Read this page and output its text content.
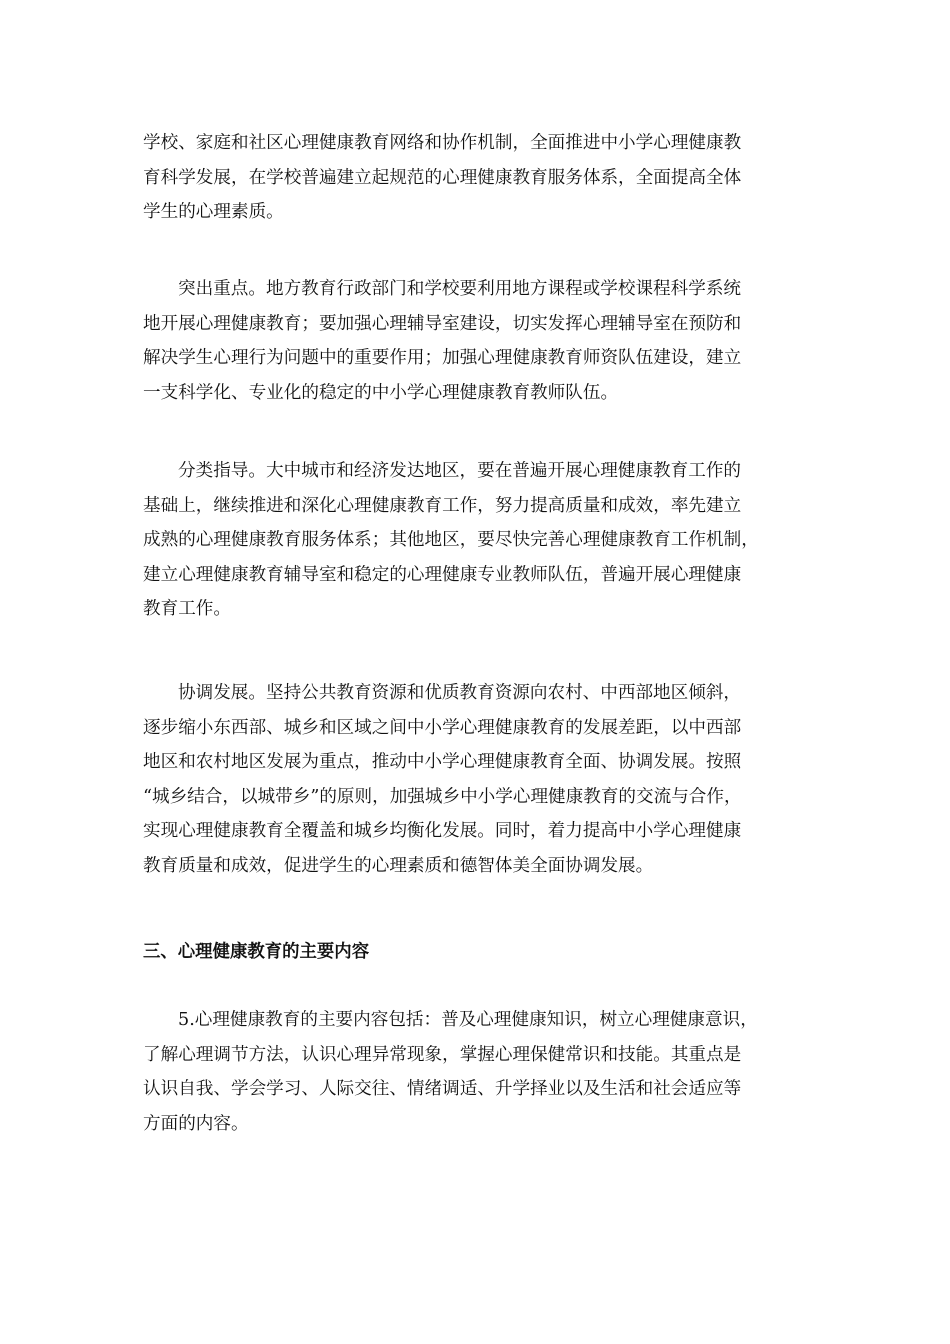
学校、家庭和社区心理健康教育网络和协作机制，全面推进中小学心理健康教
育科学发展，在学校普遍建立起规范的心理健康教育服务体系，全面提高全体
学生的心理素质。
突出重点。地方教育行政部门和学校要利用地方课程或学校课程科学系统
地开展心理健康教育；要加强心理辅导室建设，切实发挥心理辅导室在预防和
解决学生心理行为问题中的重要作用；加强心理健康教育师资队伍建设，建立
一支科学化、专业化的稳定的中小学心理健康教育教师队伍。
分类指导。大中城市和经济发达地区，要在普遍开展心理健康教育工作的
基础上，继续推进和深化心理健康教育工作，努力提高质量和成效，率先建立
成熟的心理健康教育服务体系；其他地区，要尽快完善心理健康教育工作机制，
建立心理健康教育辅导室和稳定的心理健康专业教师队伍，普遍开展心理健康
教育工作。
协调发展。坚持公共教育资源和优质教育资源向农村、中西部地区倾斜，
逐步缩小东西部、城乡和区域之间中小学心理健康教育的发展差距，以中西部
地区和农村地区发展为重点，推动中小学心理健康教育全面、协调发展。按照
“城乡结合，以城带乡”的原则，加强城乡中小学心理健康教育的交流与合作，
实现心理健康教育全覆盖和城乡均衡化发展。同时，着力提高中小学心理健康
教育质量和成效，促进学生的心理素质和德智体美全面协调发展。
三、心理健康教育的主要内容
5.心理健康教育的主要内容包括：普及心理健康知识，树立心理健康意识，
了解心理调节方法，认识心理异常现象，掌握心理保健常识和技能。其重点是
认识自我、学会学习、人际交往、情绪调适、升学择业以及生活和社会适应等
方面的内容。
